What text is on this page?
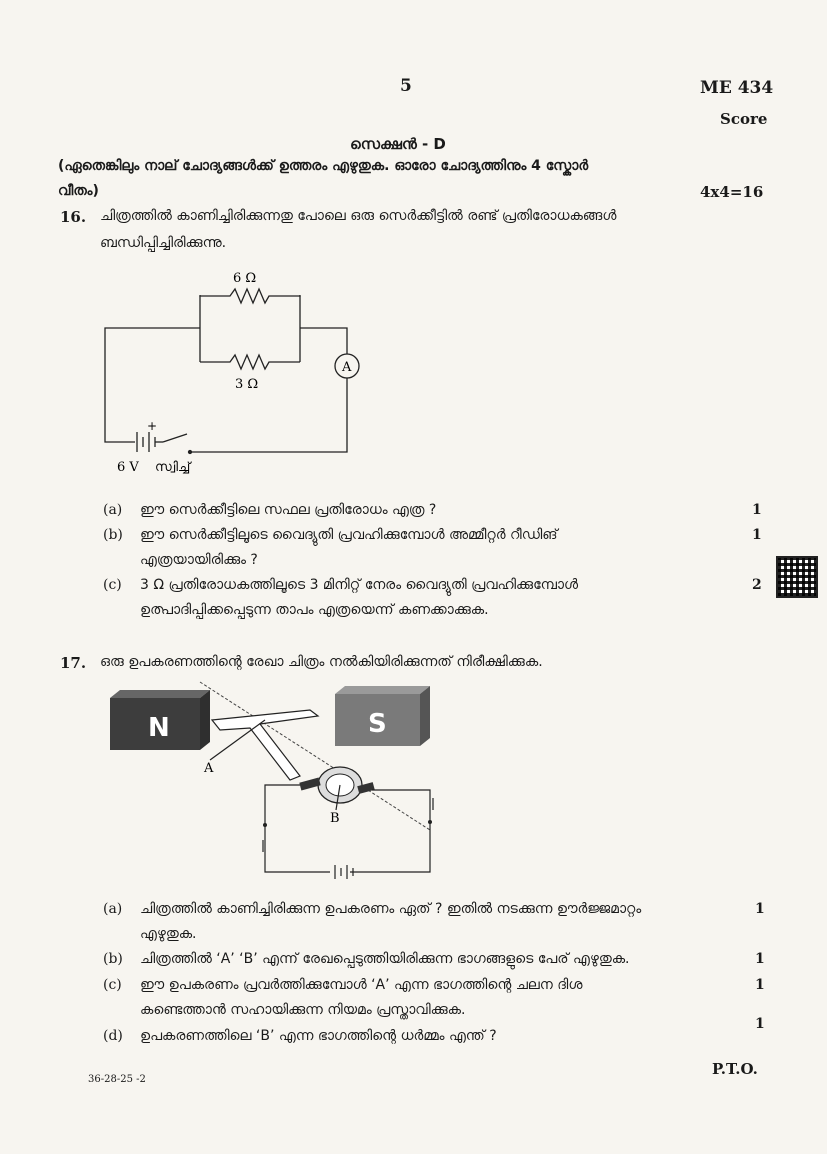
5	ME 434
Score
സെക്ഷൻ - D
(ഏതെങ്കിലും നാല് ചോദ്യങ്ങൾക്ക് ഉത്തരം എഴുതുക. ഓരോ ചോദ്യത്തിനും 4 സ്കോർ
വീതം)	4x4=16
16. ചിത്രത്തിൽ കാണിച്ചിരിക്കുന്നതു പോലെ ഒരു സെർക്കീട്ടിൽ രണ്ട് പ്രതിരോധകങ്ങൾ
ബന്ധിപ്പിച്ചിരിക്കുന്നു.
6 Ω
3 Ω
A
+
6 V സ്വിച്ച്
(a) ഈ സെർക്കീട്ടിലെ സഫല പ്രതിരോധം എത്ര ?	1
(b) ഈ സെർക്കീട്ടിലൂടെ വൈദ്യുതി പ്രവഹിക്കുമ്പോൾ അമ്മീറ്റർ റീഡിങ്
എത്രയായിരിക്കും ?
1
(c) 3 Ω പ്രതിരോധകത്തിലൂടെ 3 മിനിറ്റ് നേരം വൈദ്യുതി പ്രവഹിക്കുമ്പോൾ
ഉത്പാദിപ്പിക്കപ്പെടുന്ന താപം എത്രയെന്ന് കണക്കാക്കുക.
2
17. ഒരു ഉപകരണത്തിന്റെ രേഖാ ചിത്രം നൽകിയിരിക്കുന്നത് നിരീക്ഷിക്കുക.
N	S
A
B
(a) ചിത്രത്തിൽ കാണിച്ചിരിക്കുന്ന ഉപകരണം ഏത് ? ഇതിൽ നടക്കുന്ന ഊർജ്ജമാറ്റം
എഴുതുക.
1
(b) ചിത്രത്തിൽ ‘A’ ‘B’ എന്ന് രേഖപ്പെടുത്തിയിരിക്കുന്ന ഭാഗങ്ങളുടെ പേര് എഴുതുക.	1
(c) ഈ ഉപകരണം പ്രവർത്തിക്കുമ്പോൾ ‘A’ എന്ന ഭാഗത്തിന്റെ ചലന ദിശ
കണ്ടെത്താൻ സഹായിക്കുന്ന നിയമം പ്രസ്താവിക്കുക.
1
(d) ഉപകരണത്തിലെ ‘B’ എന്ന ഭാഗത്തിന്റെ ധർമ്മം എന്ത് ?
1
36-28-25 -2
P.T.O.
